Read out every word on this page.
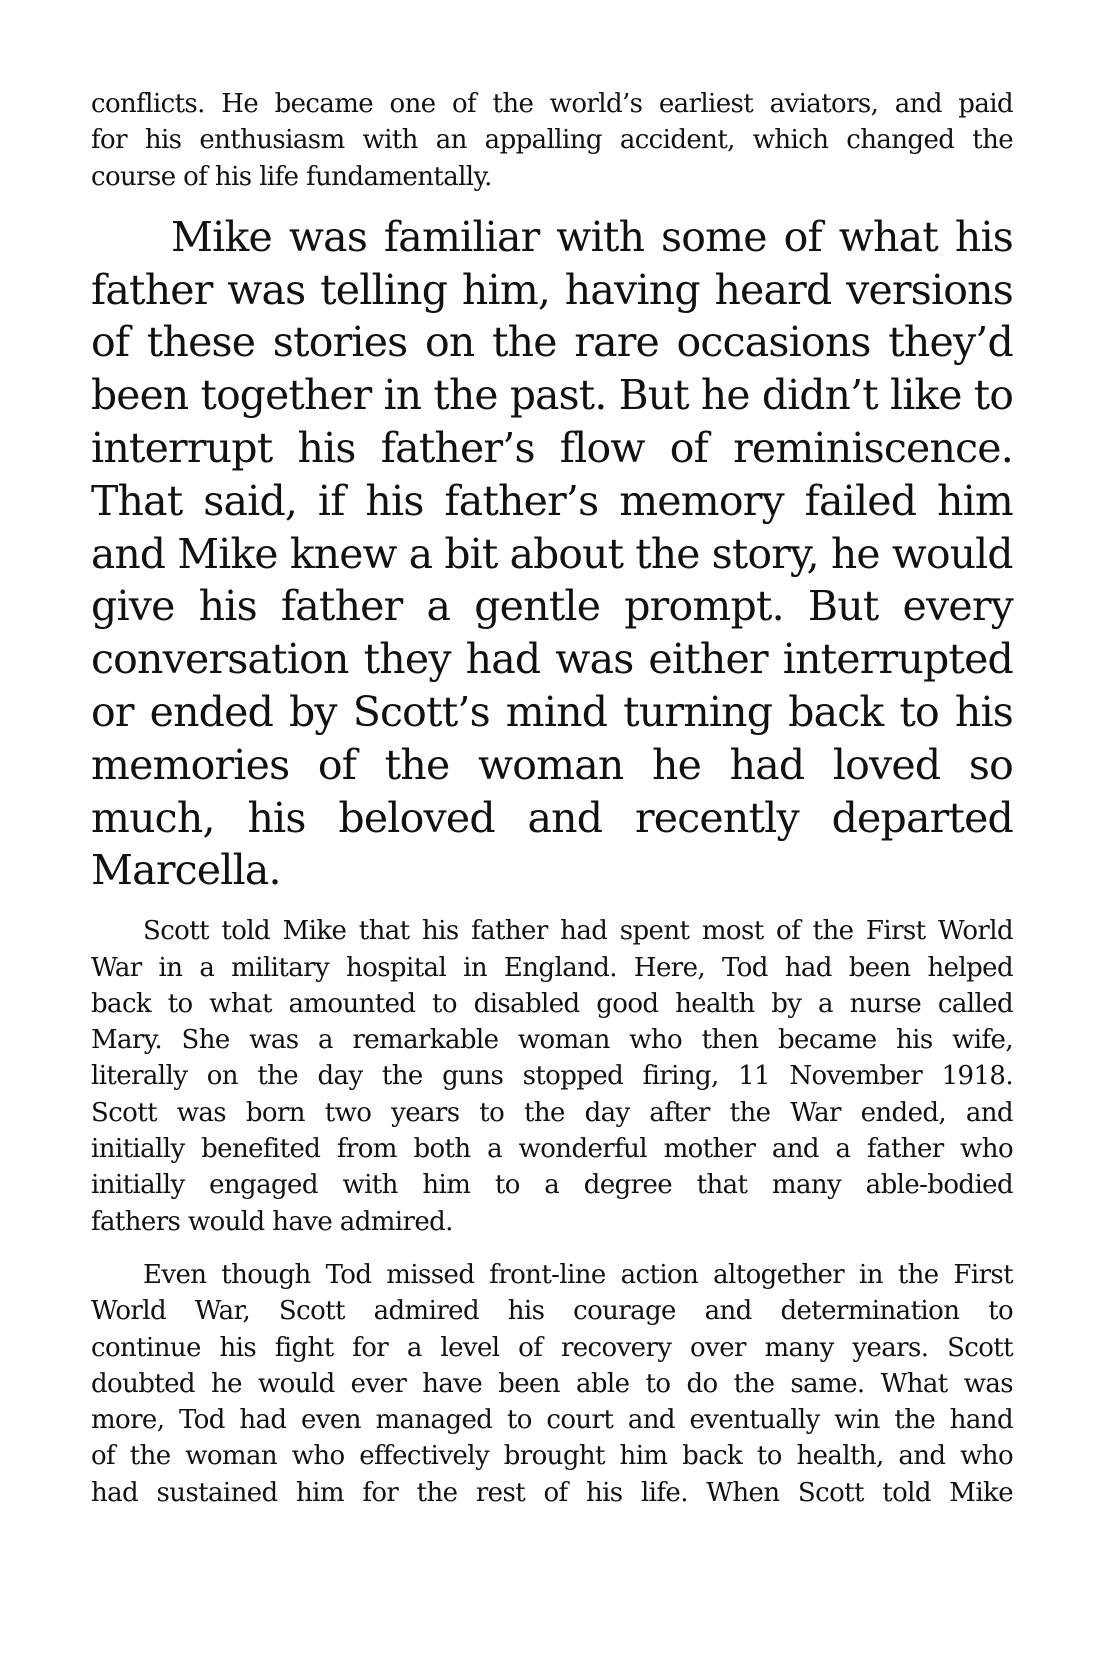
conflicts. He became one of the world’s earliest aviators, and paid
for his enthusiasm with an appalling accident, which changed the
course of his life fundamentally.
Mike was familiar with some of what his
father was telling him, having heard versions
of these stories on the rare occasions they’d
been together in the past. But he didn’t like to
interrupt his father’s flow of reminiscence.
That said, if his father’s memory failed him
and Mike knew a bit about the story, he would
give his father a gentle prompt. But every
conversation they had was either interrupted
or ended by Scott’s mind turning back to his
memories of the woman he had loved so
much, his beloved and recently departed
Marcella.
Scott told Mike that his father had spent most of the First World
War in a military hospital in England. Here, Tod had been helped
back to what amounted to disabled good health by a nurse called
Mary. She was a remarkable woman who then became his wife,
literally on the day the guns stopped firing, 11 November 1918.
Scott was born two years to the day after the War ended, and
initially benefited from both a wonderful mother and a father who
initially engaged with him to a degree that many able-bodied
fathers would have admired.
Even though Tod missed front-line action altogether in the First
World War, Scott admired his courage and determination to
continue his fight for a level of recovery over many years. Scott
doubted he would ever have been able to do the same. What was
more, Tod had even managed to court and eventually win the hand
of the woman who effectively brought him back to health, and who
had sustained him for the rest of his life. When Scott told Mike
